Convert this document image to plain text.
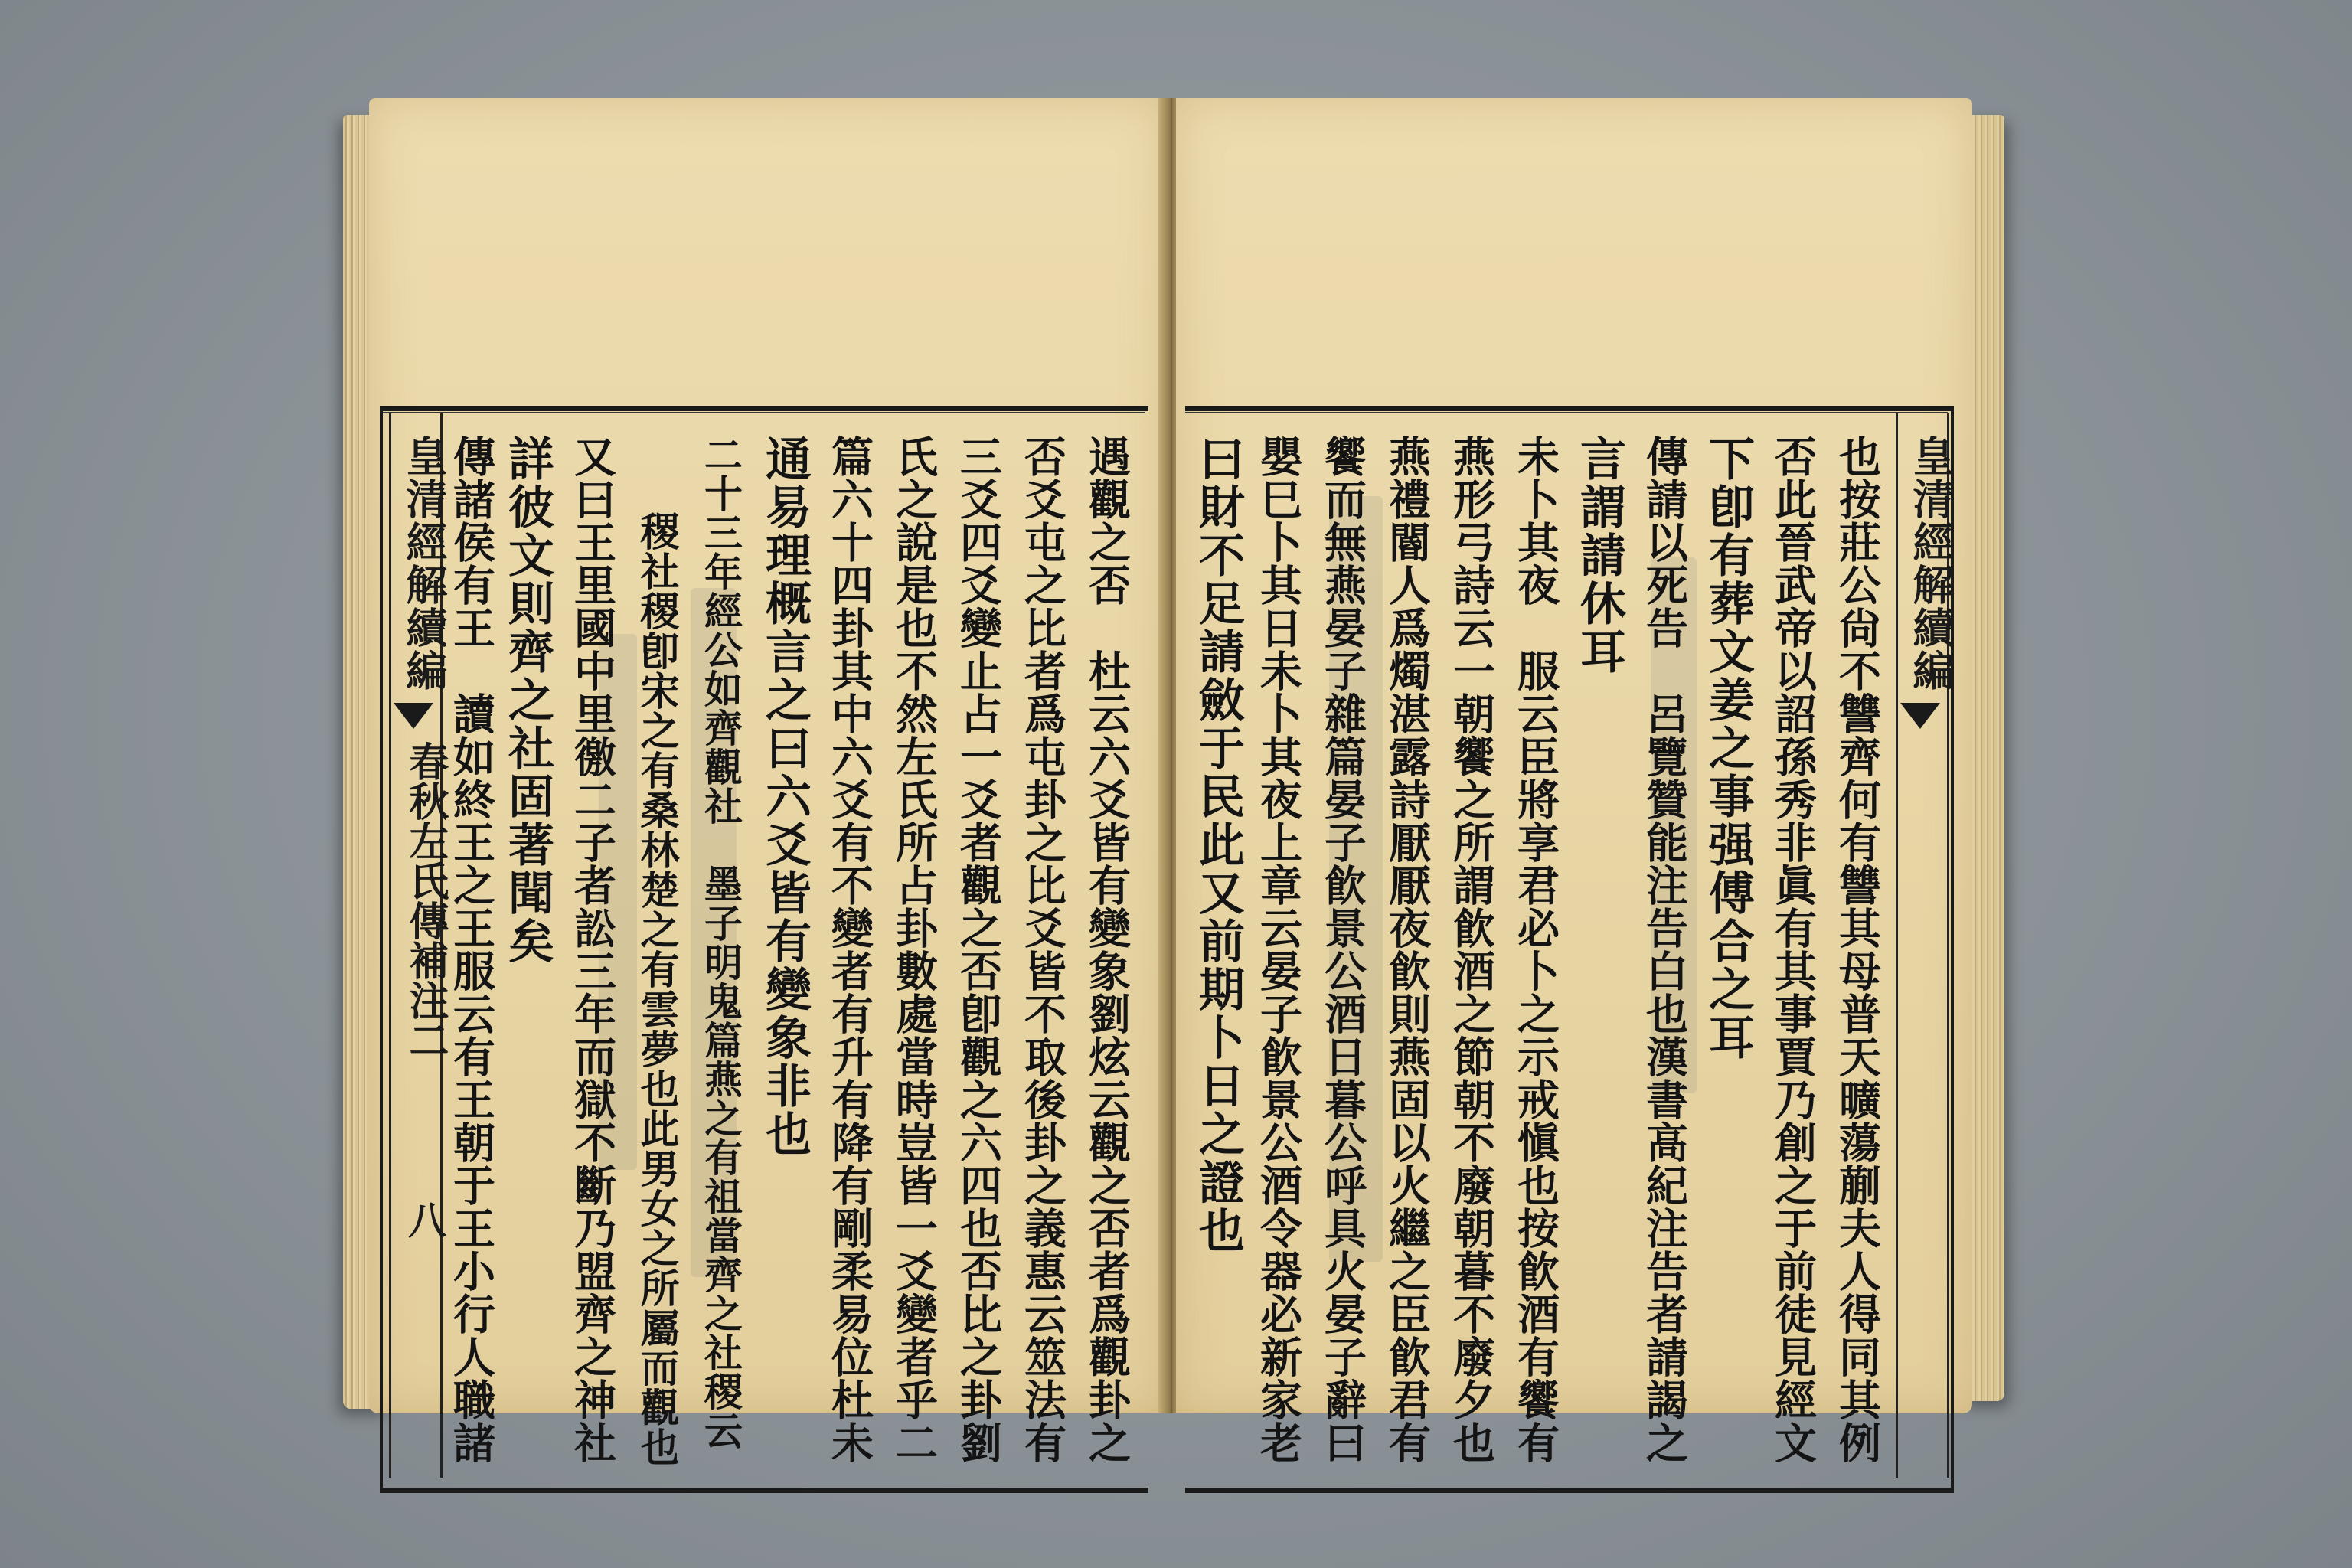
皇清經解續編
春秋左氏傳補注二
八	遇觀之否　杜云六爻皆有變象劉炫云觀之否者爲觀卦之
否爻屯之比者爲屯卦之比爻皆不取後卦之義惠云筮法有
三爻四爻變止占一爻者觀之否卽觀之六四也否比之卦劉
氏之說是也不然左氏所占卦數處當時豈皆一爻變者乎二
篇六十四卦其中六爻有不變者有升有降有剛柔易位杜未
通易理概言之曰六爻皆有變象非也
二十三年經公如齊觀社　墨子明鬼篇燕之有祖當齊之社稷云
稷社稷卽宋之有桑林楚之有雲夢也此男女之所屬而觀也
又曰王里國中里徼二子者訟三年而獄不斷乃盟齊之神社
詳彼文則齊之社固著聞矣
傳諸侯有王　讀如終王之王服云有王朝于王小行人職諸	皇清經解續編
也按莊公尙不讐齊何有讐其母普天曠蕩蒯夫人得同其例
否此晉武帝以詔孫秀非眞有其事賈乃創之于前徒見經文
下卽有葬文姜之事强傅合之耳
傳請以死告　呂覽贊能注告白也漢書高紀注告者請謁之
言謂請休耳
未卜其夜　服云臣將享君必卜之示戒愼也按飮酒有饗有
燕形弓詩云一朝饗之所謂飮酒之節朝不廢朝暮不廢夕也
燕禮閽人爲燭湛露詩厭厭夜飮則燕固以火繼之臣飮君有
饗而無燕晏子雜篇晏子飮景公酒日暮公呼具火晏子辭曰
嬰巳卜其日未卜其夜上章云晏子飮景公酒令器必新家老
曰財不足請斂于民此又前期卜日之證也
